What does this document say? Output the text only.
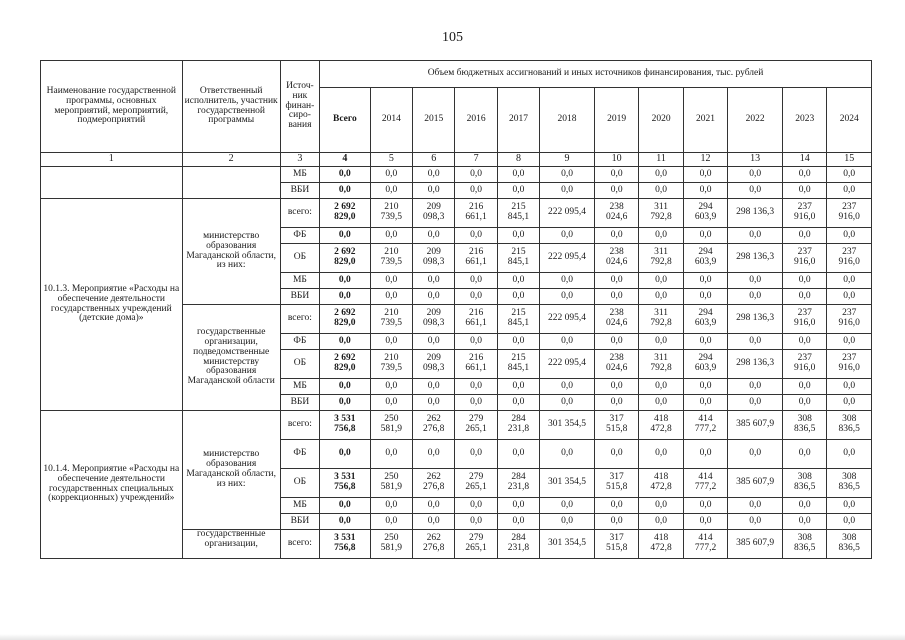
105
Наименование государственной программы, основных мероприятий, мероприятий, подмероприятий	Ответственный исполнитель, участник государственной программы	Источ-
ник
финан-
сиро-
вания	Объем бюджетных ассигнований и иных источников финансирования, тыс. рублей											
			Всего	2014	2015	2016	2017	2018	2019	2020	2021	2022	2023	2024
1	2	3	4	5	6	7	8	9	10	11	12	13	14	15
		МБ	0,0	0,0	0,0	0,0	0,0	0,0	0,0	0,0	0,0	0,0	0,0	0,0
		ВБИ	0,0	0,0	0,0	0,0	0,0	0,0	0,0	0,0	0,0	0,0	0,0	0,0
10.1.3. Мероприятие «Расходы на обеспечение деятельности государственных учреждений (детские дома)»	министерство образования Магаданской области, из них:	всего:	2 692
829,0	210
739,5	209
098,3	216
661,1	215
845,1	222 095,4	238
024,6	311
792,8	294
603,9	298 136,3	237
916,0	237
916,0
		ФБ	0,0	0,0	0,0	0,0	0,0	0,0	0,0	0,0	0,0	0,0	0,0	0,0
		ОБ	2 692
829,0	210
739,5	209
098,3	216
661,1	215
845,1	222 095,4	238
024,6	311
792,8	294
603,9	298 136,3	237
916,0	237
916,0
		МБ	0,0	0,0	0,0	0,0	0,0	0,0	0,0	0,0	0,0	0,0	0,0	0,0
		ВБИ	0,0	0,0	0,0	0,0	0,0	0,0	0,0	0,0	0,0	0,0	0,0	0,0
	государственные организации, подведомственные министерству образования Магаданской области	всего:	2 692
829,0	210
739,5	209
098,3	216
661,1	215
845,1	222 095,4	238
024,6	311
792,8	294
603,9	298 136,3	237
916,0	237
916,0
		ФБ	0,0	0,0	0,0	0,0	0,0	0,0	0,0	0,0	0,0	0,0	0,0	0,0
		ОБ	2 692
829,0	210
739,5	209
098,3	216
661,1	215
845,1	222 095,4	238
024,6	311
792,8	294
603,9	298 136,3	237
916,0	237
916,0
		МБ	0,0	0,0	0,0	0,0	0,0	0,0	0,0	0,0	0,0	0,0	0,0	0,0
		ВБИ	0,0	0,0	0,0	0,0	0,0	0,0	0,0	0,0	0,0	0,0	0,0	0,0
10.1.4. Мероприятие «Расходы на обеспечение деятельности государственных специальных (коррекционных) учреждений»	министерство образования Магаданской области, из них:	всего:	3 531
756,8	250
581,9	262
276,8	279
265,1	284
231,8	301 354,5	317
515,8	418
472,8	414
777,2	385 607,9	308
836,5	308
836,5
		ФБ	0,0	0,0	0,0	0,0	0,0	0,0	0,0	0,0	0,0	0,0	0,0	0,0
		ОБ	3 531
756,8	250
581,9	262
276,8	279
265,1	284
231,8	301 354,5	317
515,8	418
472,8	414
777,2	385 607,9	308
836,5	308
836,5
		МБ	0,0	0,0	0,0	0,0	0,0	0,0	0,0	0,0	0,0	0,0	0,0	0,0
		ВБИ	0,0	0,0	0,0	0,0	0,0	0,0	0,0	0,0	0,0	0,0	0,0	0,0
	государственные организации,	всего:	3 531
756,8	250
581,9	262
276,8	279
265,1	284
231,8	301 354,5	317
515,8	418
472,8	414
777,2	385 607,9	308
836,5	308
836,5
